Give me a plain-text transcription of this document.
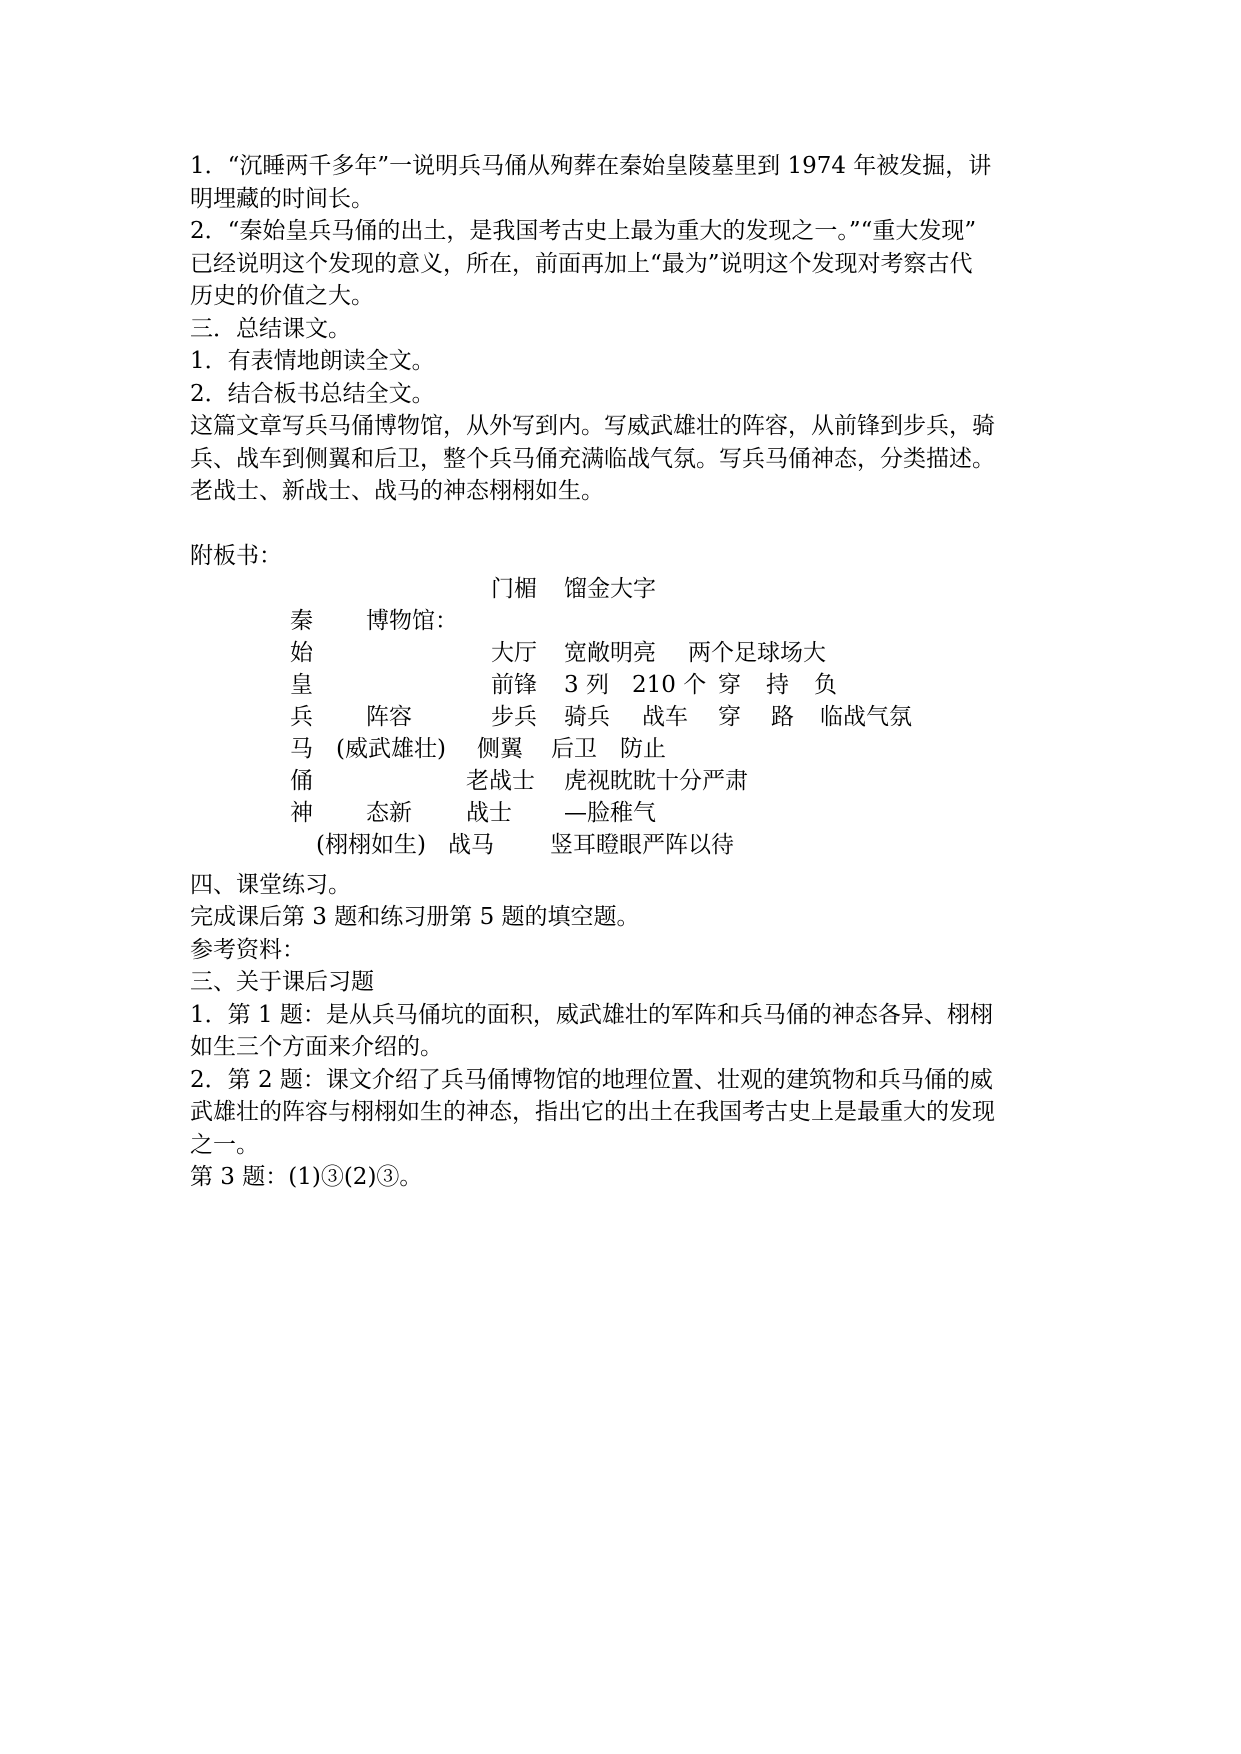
1．“沉睡两千多年”一说明兵马俑从殉葬在秦始皇陵墓里到 1974 年被发掘，讲

明埋藏的时间长。

2．“秦始皇兵马俑的出土，是我国考古史上最为重大的发现之一。”“重大发现”

已经说明这个发现的意义，所在，前面再加上“最为”说明这个发现对考察古代

历史的价值之大。

三．总结课文。

1．有表情地朗读全文。

2．结合板书总结全文。

这篇文章写兵马俑博物馆，从外写到内。写威武雄壮的阵容，从前锋到步兵，骑

兵、战车到侧翼和后卫，整个兵马俑充满临战气氛。写兵马俑神态，分类描述。

老战士、新战士、战马的神态栩栩如生。

附板书：

门楣 馏金大字
秦 博物馆：
始	大厅 宽敞明亮 两个足球场大
皇	前锋 3 列 210 个 穿 持 负
兵 阵容	步兵 骑兵 战车 穿 路 临战气氛
马 (威武雄壮) 侧翼 后卫 防止
俑	老战士 虎视眈眈十分严肃
神 态新 战士 —脸稚气
(栩栩如生) 战马 竖耳瞪眼严阵以待

四、课堂练习。

完成课后第 3 题和练习册第 5 题的填空题。

参考资料：

三、关于课后习题

1．第 1 题：是从兵马俑坑的面积，威武雄壮的军阵和兵马俑的神态各异、栩栩

如生三个方面来介绍的。

2．第 2 题：课文介绍了兵马俑博物馆的地理位置、壮观的建筑物和兵马俑的威

武雄壮的阵容与栩栩如生的神态，指出它的出土在我国考古史上是最重大的发现

之一。

第 3 题：(1)③(2)③。
